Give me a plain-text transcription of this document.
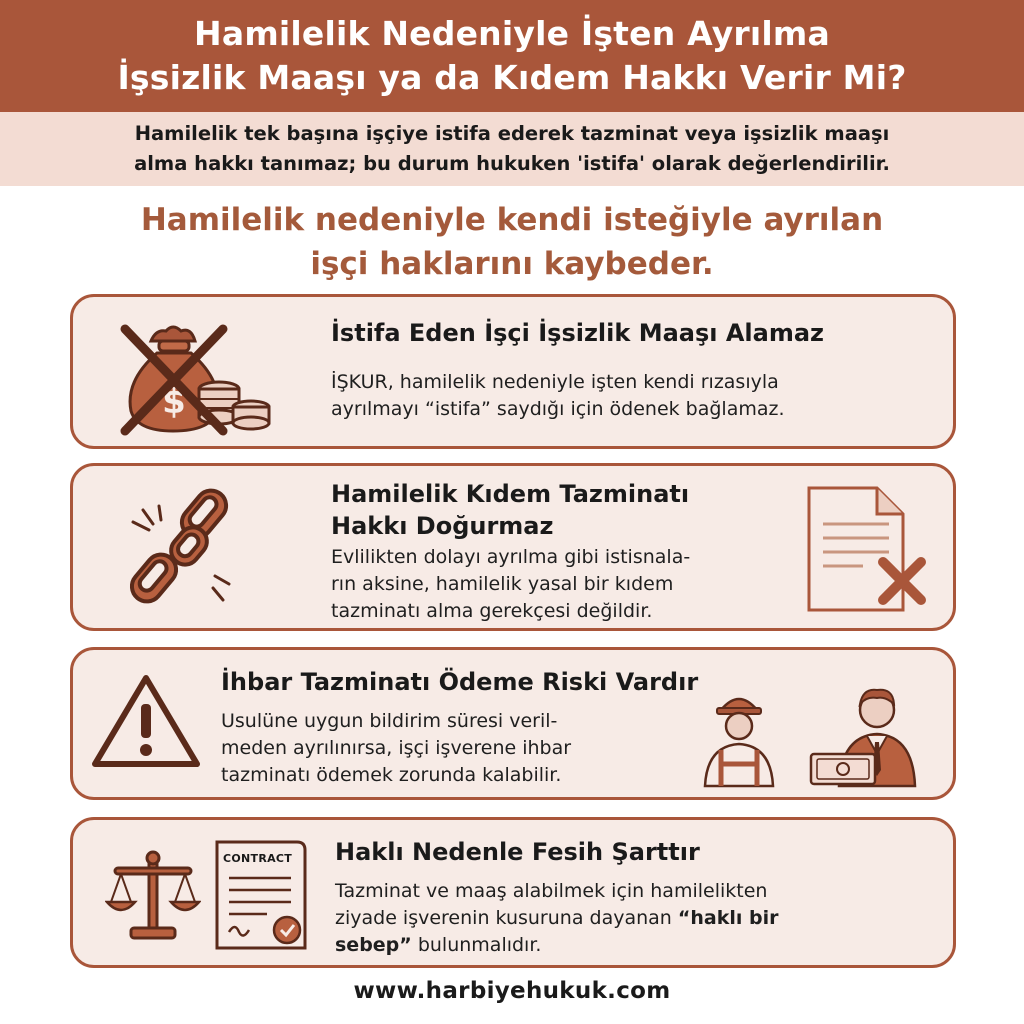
Hamilelik Nedeniyle İşten Ayrılma
İşsizlik Maaşı ya da Kıdem Hakkı Verir Mi?
Hamilelik tek başına işçiye istifa ederek tazminat veya işsizlik maaşı
alma hakkı tanımaz; bu durum hukuken 'istifa' olarak değerlendirilir.
Hamilelik nedeniyle kendi isteğiyle ayrılan
işçi haklarını kaybeder.
$
İstifa Eden İşçi İşsizlik Maaşı Alamaz
İŞKUR, hamilelik nedeniyle işten kendi rızasıyla
ayrılmayı “istifa” saydığı için ödenek bağlamaz.
Hamilelik Kıdem Tazminatı
Hakkı Doğurmaz
Evlilikten dolayı ayrılma gibi istisnala-
rın aksine, hamilelik yasal bir kıdem
tazminatı alma gerekçesi değildir.
İhbar Tazminatı Ödeme Riski Vardır
Usulüne uygun bildirim süresi veril-
meden ayrılınırsa, işçi işverene ihbar
tazminatı ödemek zorunda kalabilir.
CONTRACT Haklı Nedenle Fesih Şarttır
Tazminat ve maaş alabilmek için hamilelikten
ziyade işverenin kusuruna dayanan “haklı bir
sebep” bulunmalıdır.
www.harbiyehukuk.com
